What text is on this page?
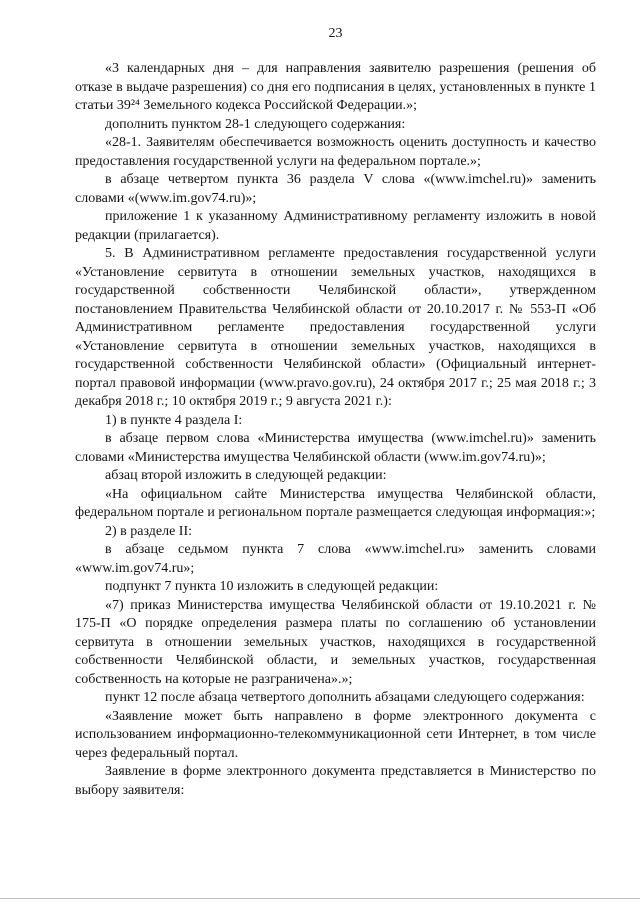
23

«3 календарных дня – для направления заявителю разрешения (решения об отказе в выдаче разрешения) со дня его подписания в целях, установленных в пункте 1 статьи 39²⁴ Земельного кодекса Российской Федерации.»;

дополнить пунктом 28-1 следующего содержания:

«28-1. Заявителям обеспечивается возможность оценить доступность и качество предоставления государственной услуги на федеральном портале.»;

в абзаце четвертом пункта 36 раздела V слова «(www.imchel.ru)» заменить словами «(www.im.gov74.ru)»;

приложение 1 к указанному Административному регламенту изложить в новой редакции (прилагается).

5. В Административном регламенте предоставления государственной услуги «Установление сервитута в отношении земельных участков, находящихся в государственной собственности Челябинской области», утвержденном постановлением Правительства Челябинской области от 20.10.2017 г. № 553-П «Об Административном регламенте предоставления государственной услуги «Установление сервитута в отношении земельных участков, находящихся в государственной собственности Челябинской области» (Официальный интернет-портал правовой информации (www.pravo.gov.ru), 24 октября 2017 г.; 25 мая 2018 г.; 3 декабря 2018 г.; 10 октября 2019 г.; 9 августа 2021 г.):

1) в пункте 4 раздела I:

в абзаце первом слова «Министерства имущества (www.imchel.ru)» заменить словами «Министерства имущества Челябинской области (www.im.gov74.ru)»;

абзац второй изложить в следующей редакции:

«На официальном сайте Министерства имущества Челябинской области, федеральном портале и региональном портале размещается следующая информация:»;

2) в разделе II:

в абзаце седьмом пункта 7 слова «www.imchel.ru» заменить словами «www.im.gov74.ru»;

подпункт 7 пункта 10 изложить в следующей редакции:

«7) приказ Министерства имущества Челябинской области от 19.10.2021 г. № 175-П «О порядке определения размера платы по соглашению об установлении сервитута в отношении земельных участков, находящихся в государственной собственности Челябинской области, и земельных участков, государственная собственность на которые не разграничена».»;

пункт 12 после абзаца четвертого дополнить абзацами следующего содержания:

«Заявление может быть направлено в форме электронного документа с использованием информационно-телекоммуникационной сети Интернет, в том числе через федеральный портал.

Заявление в форме электронного документа представляется в Министерство по выбору заявителя:
